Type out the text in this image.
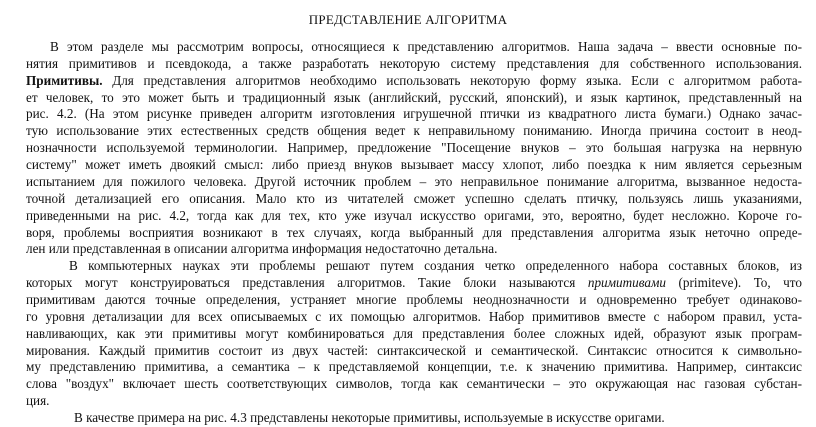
ПРЕДСТАВЛЕНИЕ АЛГОРИТМА
В этом разделе мы рассмотрим вопросы, относящиеся к представлению алгоритмов. Наша задача – ввести основные по-
нятия примитивов и псевдокода, а также разработать некоторую систему представления для собственного использования.
Примитивы. Для представления алгоритмов необходимо использовать некоторую форму языка. Если с алгоритмом работа-
ет человек, то это может быть и традиционный язык (английский, русский, японский), и язык картинок, представленный на
рис. 4.2. (На этом рисунке приведен алгоритм изготовления игрушечной птички из квадратного листа бумаги.) Однако зачас-
тую использование этих естественных средств общения ведет к неправильному пониманию. Иногда причина состоит в неод-
нозначности используемой терминологии. Например, предложение "Посещение внуков – это большая нагрузка на нервную
систему" может иметь двоякий смысл: либо приезд внуков вызывает массу хлопот, либо поездка к ним является серьезным
испытанием для пожилого человека. Другой источник проблем – это неправильное понимание алгоритма, вызванное недоста-
точной детализацией его описания. Мало кто из читателей сможет успешно сделать птичку, пользуясь лишь указаниями,
приведенными на рис. 4.2, тогда как для тех, кто уже изучал искусство оригами, это, вероятно, будет несложно. Короче го-
воря, проблемы восприятия возникают в тех случаях, когда выбранный для представления алгоритма язык неточно опреде-
лен или представленная в описании алгоритма информация недостаточно детальна.
В компьютерных науках эти проблемы решают путем создания четко определенного набора составных блоков, из
которых могут конструироваться представления алгоритмов. Такие блоки называются примитивами (primiteve). То, что
примитивам даются точные определения, устраняет многие проблемы неоднозначности и одновременно требует одинаково-
го уровня детализации для всех описываемых с их помощью алгоритмов. Набор примитивов вместе с набором правил, уста-
навливающих, как эти примитивы могут комбинироваться для представления более сложных идей, образуют язык програм-
мирования. Каждый примитив состоит из двух частей: синтаксической и семантической. Синтаксис относится к символьно-
му представлению примитива, а семантика – к представляемой концепции, т.е. к значению примитива. Например, синтаксис
слова "воздух" включает шесть соответствующих символов, тогда как семантически – это окружающая нас газовая субстан-
ция.
В качестве примера на рис. 4.3 представлены некоторые примитивы, используемые в искусстве оригами.
